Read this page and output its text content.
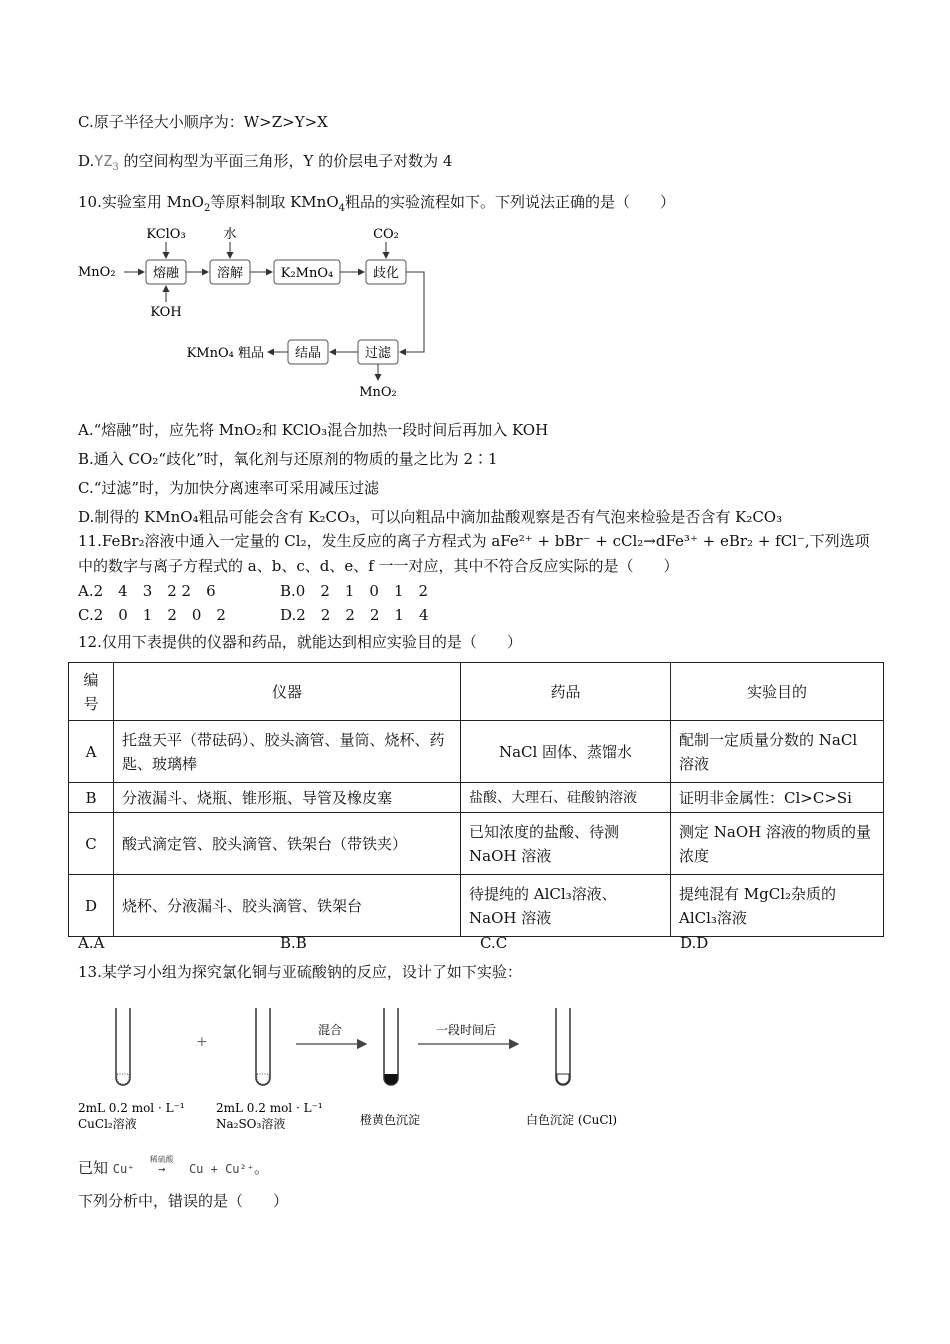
C.原子半径大小顺序为：W>Z>Y>X
$D.YZ_3$ 的空间构型为平面三角形，Y 的价层电子对数为 4
10.实验室用 MnO$_2$等原料制取 KMnO$_4$粗品的实验流程如下。下列说法正确的是（　　）
MnO₂	熔融
KClO₃
KOH
溶解
水
K₂MnO₄	歧化
CO₂
过滤
MnO₂
结晶
KMnO₄ 粗品
A.“熔融”时，应先将 MnO₂和 KClO₃混合加热一段时间后再加入 KOH
B.通入 CO₂“歧化”时，氧化剂与还原剂的物质的量之比为 2∶1
C.“过滤”时，为加快分离速率可采用减压过滤
D.制得的 KMnO₄粗品可能会含有 K₂CO₃，可以向粗品中滴加盐酸观察是否有气泡来检验是否含有 K₂CO₃
11.FeBr₂溶液中通入一定量的 Cl₂，发生反应的离子方程式为 aFe²⁺ + bBr⁻ + cCl₂→dFe³⁺ + eBr₂ + fCl⁻,下列选项
中的数字与离子方程式的 a、b、c、d、e、f 一一对应，其中不符合反应实际的是（　　）
A.2　4　3　2 2　6	B.0　2　1　0　1　2
C.2　0　1　2　0　2	D.2　2　2　2　1　4
12.仅用下表提供的仪器和药品，就能达到相应实验目的是（　　）
编号	仪器	药品	实验目的
A	托盘天平（带砝码）、胶头滴管、量筒、烧杯、药匙、玻璃棒	NaCl 固体、蒸馏水	配制一定质量分数的 NaCl 溶液
B	分液漏斗、烧瓶、锥形瓶、导管及橡皮塞	盐酸、大理石、硅酸钠溶液	证明非金属性：Cl>C>Si
C	酸式滴定管、胶头滴管、铁架台（带铁夹）	已知浓度的盐酸、待测 NaOH 溶液	测定 NaOH 溶液的物质的量浓度
D	烧杯、分液漏斗、胶头滴管、铁架台	待提纯的 AlCl₃溶液、NaOH 溶液	提纯混有 MgCl₂杂质的 AlCl₃溶液
A.A	B.B	C.C	D.D
13.某学习小组为探究氯化铜与亚硫酸钠的反应，设计了如下实验：
+
混合	一段时间后
2mL 0.2 mol · L⁻¹
CuCl₂溶液
2mL 0.2 mol · L⁻¹
Na₂SO₃溶液	橙黄色沉淀	白色沉淀 (CuCl)
已知 Cu⁺
稀硫酸
→ Cu + Cu²⁺。
下列分析中，错误的是（　　）
